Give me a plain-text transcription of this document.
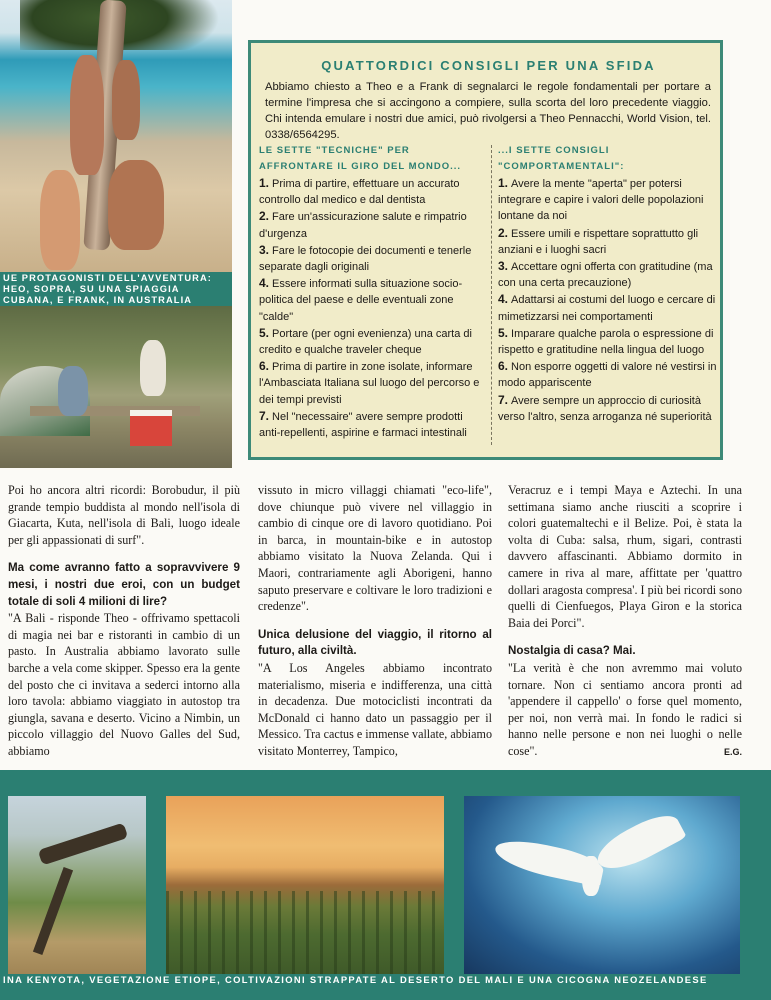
UE PROTAGONISTI DELL'AVVENTURA:
HEO, SOPRA, SU UNA SPIAGGIA
CUBANA, E FRANK, IN AUSTRALIA
QUATTORDICI CONSIGLI PER UNA SFIDA
Abbiamo chiesto a Theo e a Frank di segnalarci le regole fondamentali per portare a termine l'impresa che si accingono a compiere, sulla scorta del loro precedente viaggio. Chi intenda emulare i nostri due amici, può rivolgersi a Theo Pennacchi, World Vision, tel. 0338/6564295.
LE SETTE "TECNICHE" PER AFFRONTARE IL GIRO DEL MONDO...
1. Prima di partire, effettuare un accurato controllo dal medico e dal dentista
2. Fare un'assicurazione salute e rimpatrio d'urgenza
3. Fare le fotocopie dei documenti e tenerle separate dagli originali
4. Essere informati sulla situazione socio-politica del paese e delle eventuali zone "calde"
5. Portare (per ogni evenienza) una carta di credito e qualche traveler cheque
6. Prima di partire in zone isolate, informare l'Ambasciata Italiana sul luogo del percorso e dei tempi previsti
7. Nel "necessaire" avere sempre prodotti anti-repellenti, aspirine e farmaci intestinali
...I SETTE CONSIGLI "COMPORTAMENTALI":
1. Avere la mente "aperta" per potersi integrare e capire i valori delle popolazioni lontane da noi
2. Essere umili e rispettare soprattutto gli anziani e i luoghi sacri
3. Accettare ogni offerta con gratitudine (ma con una certa precauzione)
4. Adattarsi ai costumi del luogo e cercare di mimetizzarsi nei comportamenti
5. Imparare qualche parola o espressione di rispetto e gratitudine nella lingua del luogo
6. Non esporre oggetti di valore né vestirsi in modo appariscente
7. Avere sempre un approccio di curiosità verso l'altro, senza arroganza né superiorità

Poi ho ancora altri ricordi: Borobudur, il più grande tempio buddista al mondo nell'isola di Giacarta, Kuta, nell'isola di Bali, luogo ideale per gli appassionati di surf".

Ma come avranno fatto a sopravvivere 9 mesi, i nostri due eroi, con un budget totale di soli 4 milioni di lire?

"A Bali - risponde Theo - offrivamo spettacoli di magia nei bar e ristoranti in cambio di un pasto. In Australia abbiamo lavorato sulle barche a vela come skipper. Spesso era la gente del posto che ci invitava a sederci intorno alla loro tavola: abbiamo viaggiato in autostop tra giungla, savana e deserto. Vicino a Nimbin, un piccolo villaggio del Nuovo Galles del Sud, abbiamo

vissuto in micro villaggi chiamati "eco-life", dove chiunque può vivere nel villaggio in cambio di cinque ore di lavoro quotidiano. Poi in barca, in mountain-bike e in autostop abbiamo visitato la Nuova Zelanda. Qui i Maori, contrariamente agli Aborigeni, hanno saputo preservare e coltivare le loro tradizioni e credenze".

Unica delusione del viaggio, il ritorno al futuro, alla civiltà.

"A Los Angeles abbiamo incontrato materialismo, miseria e indifferenza, una città in decadenza. Due motociclisti incontrati da McDonald ci hanno dato un passaggio per il Messico. Tra cactus e immense vallate, abbiamo visitato Monterrey, Tampico,

Veracruz e i tempi Maya e Aztechi. In una settimana siamo anche riusciti a scoprire i colori guatemaltechi e il Belize. Poi, è stata la volta di Cuba: salsa, rhum, sigari, contrasti davvero affascinanti. Abbiamo dormito in camere in riva al mare, affittate per 'quattro dollari aragosta compresa'. I più bei ricordi sono quelli di Cienfuegos, Playa Giron e la storica Baia dei Porci".

Nostalgia di casa? Mai.

"La verità è che non avremmo mai voluto tornare. Non ci sentiamo ancora pronti ad 'appendere il cappello' o forse quel momento, per noi, non verrà mai. In fondo le radici si hanno nelle persone e non nei luoghi o nelle cose".	E.G.

INA KENYOTA, VEGETAZIONE ETIOPE, COLTIVAZIONI STRAPPATE AL DESERTO DEL MALI E UNA CICOGNA NEOZELANDESE
